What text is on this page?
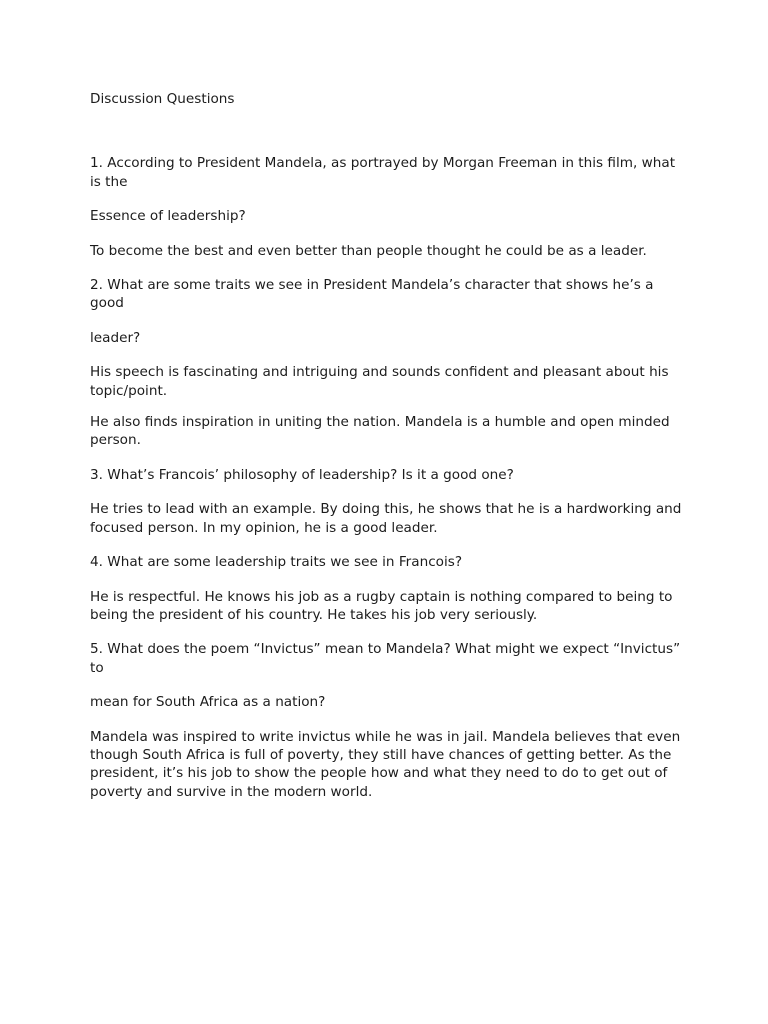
Discussion Questions

1. According to President Mandela, as portrayed by Morgan Freeman in this film, what is the

Essence of leadership?

To become the best and even better than people thought he could be as a leader.

2. What are some traits we see in President Mandela’s character that shows he’s a good

leader?

His speech is fascinating and intriguing and sounds confident and pleasant about his topic/point.

He also finds inspiration in uniting the nation. Mandela is a humble and open minded person.

3. What’s Francois’ philosophy of leadership? Is it a good one?

He tries to lead with an example. By doing this, he shows that he is a hardworking and focused person. In my opinion, he is a good leader.

4. What are some leadership traits we see in Francois?

He is respectful. He knows his job as a rugby captain is nothing compared to being to being the president of his country. He takes his job very seriously.

5. What does the poem “Invictus” mean to Mandela? What might we expect “Invictus” to

mean for South Africa as a nation?

Mandela was inspired to write invictus while he was in jail. Mandela believes that even though South Africa is full of poverty, they still have chances of getting better. As the president, it’s his job to show the people how and what they need to do to get out of poverty and survive in the modern world.
